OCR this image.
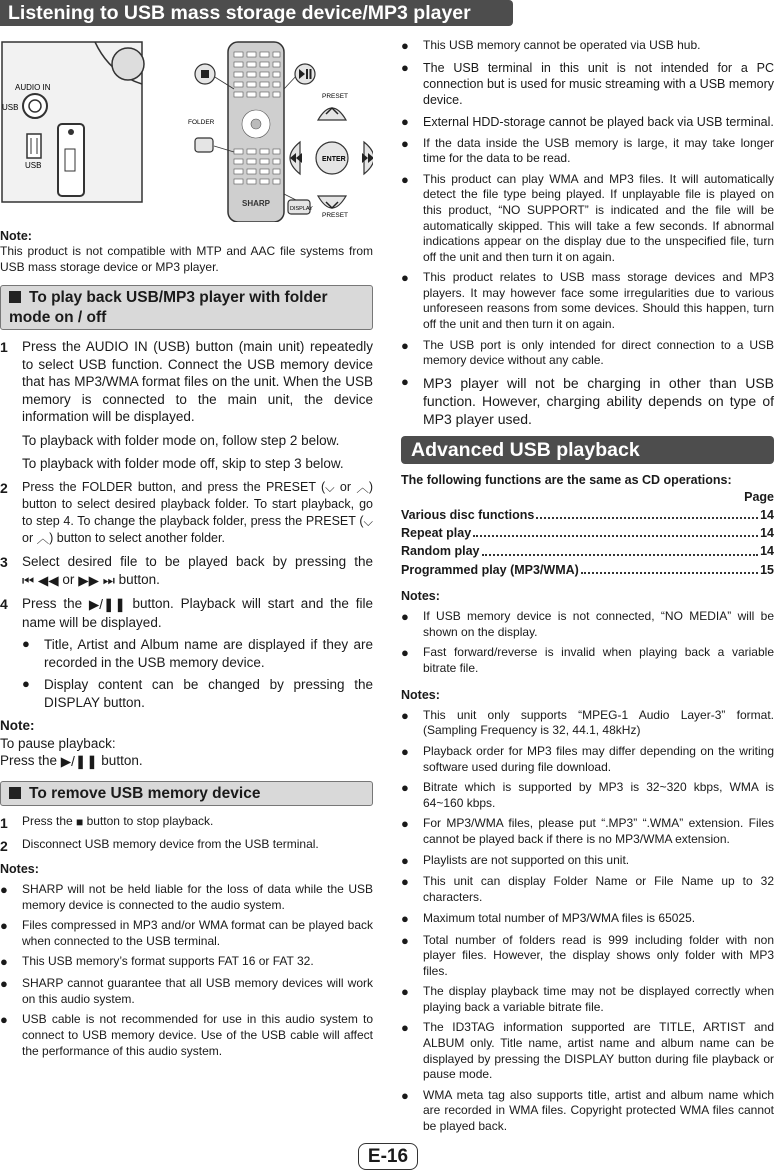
Listening to USB mass storage device/MP3 player
AUDIO IN
USB
USB
SHARP
FOLDER
PRESET
PRESET
ENTER
DISPLAY
Note:
This product is not compatible with MTP and AAC file systems from USB mass storage device or MP3 player.
To play back USB/MP3 player with folder mode on / off
1	Press the AUDIO IN (USB) button (main unit) repeatedly to select USB function. Connect the USB memory device that has MP3/WMA format files on the unit. When the USB memory is connected to the main unit, the device information will be displayed.
To playback with folder mode on, follow step 2 below.
To playback with folder mode off, skip to step 3 below.
2	Press the FOLDER button, and press the PRESET (⌵ or ︿) button to select desired playback folder. To start playback, go to step 4. To change the playback folder, press the PRESET (⌵ or ︿) button to select another folder.
3	Select desired file to be played back by pressing the ⏮ ◀◀ or ▶▶ ⏭ button.
4	Press the ▶/❚❚ button. Playback will start and the file name will be displayed.
●	Title, Artist and Album name are displayed if they are recorded in the USB memory device.
●	Display content can be changed by pressing the DISPLAY button.
Note:
To pause playback:
Press the ▶/❚❚ button.
To remove USB memory device
1	Press the ■ button to stop playback.
2	Disconnect USB memory device from the USB terminal.
Notes:
●	SHARP will not be held liable for the loss of data while the USB memory device is connected to the audio system.
●	Files compressed in MP3 and/or WMA format can be played back when connected to the USB terminal.
●	This USB memory’s format supports FAT 16 or FAT 32.
●	SHARP cannot guarantee that all USB memory devices will work on this audio system.
●	USB cable is not recommended for use in this audio system to connect to USB memory device. Use of the USB cable will affect the performance of this audio system.
●	This USB memory cannot be operated via USB hub.
●	The USB terminal in this unit is not intended for a PC connection but is used for music streaming with a USB memory device.
●	External HDD-storage cannot be played back via USB terminal.
●	If the data inside the USB memory is large, it may take longer time for the data to be read.
●	This product can play WMA and MP3 files. It will automatically detect the file type being played. If unplayable file is played on this product, “NO SUPPORT” is indicated and the file will be automatically skipped. This will take a few seconds. If abnormal indications appear on the display due to the unspecified file, turn off the unit and then turn it on again.
●	This product relates to USB mass storage devices and MP3 players. It may however face some irregularities due to various unforeseen reasons from some devices. Should this happen, turn off the unit and then turn it on again.
●	The USB port is only intended for direct connection to a USB memory device without any cable.
●	MP3 player will not be charging in other than USB function. However, charging ability depends on type of MP3 player used.
Advanced USB playback
The following functions are the same as CD operations:
Page
Various disc functions	14
Repeat play	14
Random play	14
Programmed play (MP3/WMA)	15
Notes:
●	If USB memory device is not connected, “NO MEDIA” will be shown on the display.
●	Fast forward/reverse is invalid when playing back a variable bitrate file.
Notes:
●	This unit only supports “MPEG-1 Audio Layer-3” format. (Sampling Frequency is 32, 44.1, 48kHz)
●	Playback order for MP3 files may differ depending on the writing software used during file download.
●	Bitrate which is supported by MP3 is 32~320 kbps, WMA is 64~160 kbps.
●	For MP3/WMA files, please put “.MP3” “.WMA” extension. Files cannot be played back if there is no MP3/WMA extension.
●	Playlists are not supported on this unit.
●	This unit can display Folder Name or File Name up to 32 characters.
●	Maximum total number of MP3/WMA files is 65025.
●	Total number of folders read is 999 including folder with non player files. However, the display shows only folder with MP3 files.
●	The display playback time may not be displayed correctly when playing back a variable bitrate file.
●	The ID3TAG information supported are TITLE, ARTIST and ALBUM only. Title name, artist name and album name can be displayed by pressing the DISPLAY button during file playback or pause mode.
●	WMA meta tag also supports title, artist and album name which are recorded in WMA files. Copyright protected WMA files cannot be played back.
E-16
